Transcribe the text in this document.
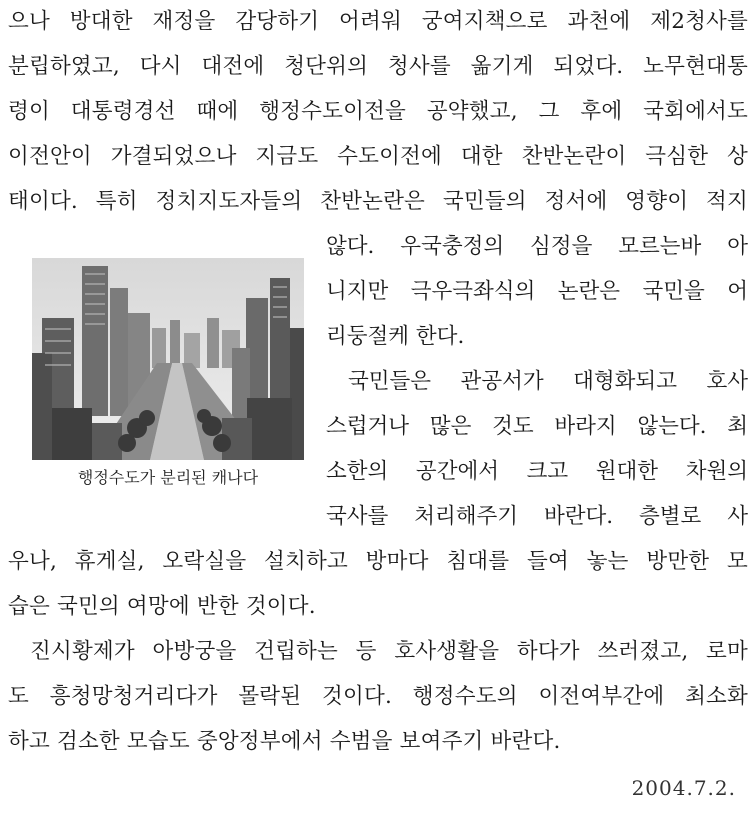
으나 방대한 재정을 감당하기 어려워 궁여지책으로 과천에 제2청사를
분립하였고, 다시 대전에 청단위의 청사를 옮기게 되었다. 노무현대통
령이 대통령경선 때에 행정수도이전을 공약했고, 그 후에 국회에서도
이전안이 가결되었으나 지금도 수도이전에 대한 찬반논란이 극심한 상
태이다. 특히 정치지도자들의 찬반논란은 국민들의 정서에 영향이 적지
행정수도가 분리된 캐나다
않다. 우국충정의 심정을 모르는바 아
니지만 극우극좌식의 논란은 국민을 어
리둥절케 한다.
국민들은 관공서가 대형화되고 호사
스럽거나 많은 것도 바라지 않는다. 최
소한의 공간에서 크고 원대한 차원의
국사를 처리해주기 바란다. 층별로 사
우나, 휴게실, 오락실을 설치하고 방마다 침대를 들여 놓는 방만한 모
습은 국민의 여망에 반한 것이다.
진시황제가 아방궁을 건립하는 등 호사생활을 하다가 쓰러졌고, 로마
도 흥청망청거리다가 몰락된 것이다. 행정수도의 이전여부간에 최소화
하고 검소한 모습도 중앙정부에서 수범을 보여주기 바란다.
2004.7.2.
